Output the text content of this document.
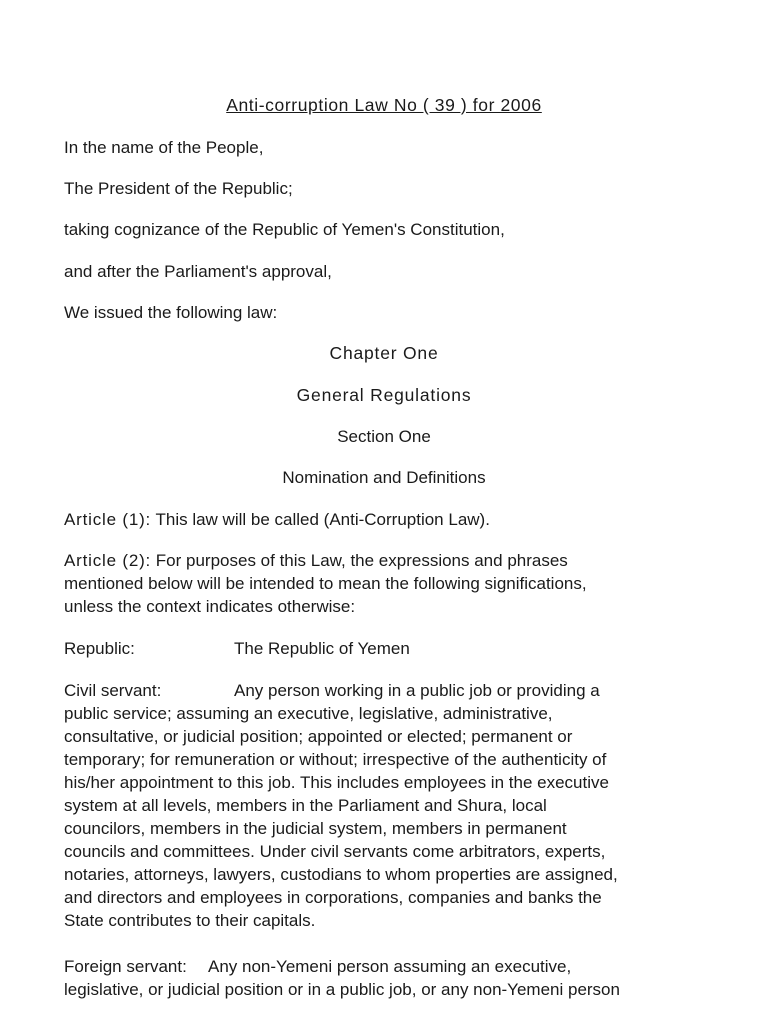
Anti-corruption Law No ( 39 ) for 2006
In the name of the People,
The President of the Republic;
taking cognizance of the Republic of Yemen's Constitution,
and after the Parliament's approval,
We issued the following law:
Chapter One
General Regulations
Section One
Nomination and Definitions
Article (1): This law will be called (Anti-Corruption Law).
Article (2): For purposes of this Law, the expressions and phrases
mentioned below will be intended to mean the following significations,
unless the context indicates otherwise:
Republic:	The Republic of Yemen
Civil servant:	Any person working in a public job or providing a
public service; assuming an executive, legislative, administrative,
consultative, or judicial position; appointed or elected; permanent or
temporary; for remuneration or without; irrespective of the authenticity of
his/her appointment to this job. This includes employees in the executive
system at all levels, members in the Parliament and Shura, local
councilors, members in the judicial system, members in permanent
councils and committees. Under civil servants come arbitrators, experts,
notaries, attorneys, lawyers, custodians to whom properties are assigned,
and directors and employees in corporations, companies and banks the
State contributes to their capitals.
Foreign servant: Any non-Yemeni person assuming an executive,
legislative, or judicial position or in a public job, or any non-Yemeni person
